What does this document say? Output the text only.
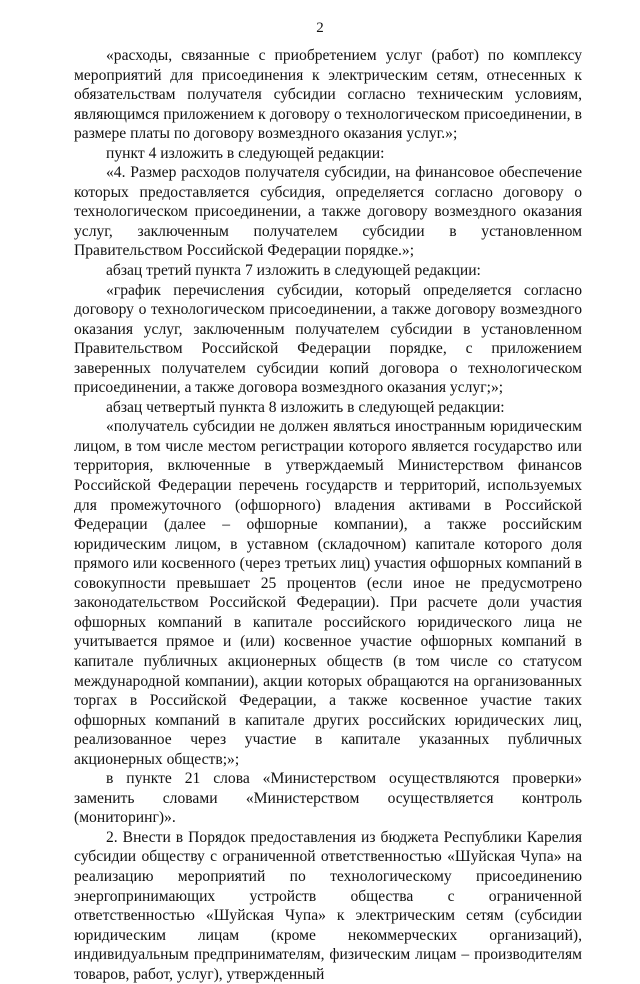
2

«расходы, связанные с приобретением услуг (работ) по комплексу мероприятий для присоединения к электрическим сетям, отнесенных к обязательствам получателя субсидии согласно техническим условиям, являющимся приложением к договору о технологическом присоединении, в размере платы по договору возмездного оказания услуг.»;

пункт 4 изложить в следующей редакции:

«4. Размер расходов получателя субсидии, на финансовое обеспечение которых предоставляется субсидия, определяется согласно договору о технологическом присоединении, а также договору возмездного оказания услуг, заключенным получателем субсидии в установленном Правительством Российской Федерации порядке.»;

абзац третий пункта 7 изложить в следующей редакции:

«график перечисления субсидии, который определяется согласно договору о технологическом присоединении, а также договору возмездного оказания услуг, заключенным получателем субсидии в установленном Правительством Российской Федерации порядке, с приложением заверенных получателем субсидии копий договора о технологическом присоединении, а также договора возмездного оказания услуг;»;

абзац четвертый пункта 8 изложить в следующей редакции:

«получатель субсидии не должен являться иностранным юридическим лицом, в том числе местом регистрации которого является государство или территория, включенные в утверждаемый Министерством финансов Российской Федерации перечень государств и территорий, используемых для промежуточного (офшорного) владения активами в Российской Федерации (далее – офшорные компании), а также российским юридическим лицом, в уставном (складочном) капитале которого доля прямого или косвенного (через третьих лиц) участия офшорных компаний в совокупности превышает 25 процентов (если иное не предусмотрено законодательством Российской Федерации). При расчете доли участия офшорных компаний в капитале российского юридического лица не учитывается прямое и (или) косвенное участие офшорных компаний в капитале публичных акционерных обществ (в том числе со статусом международной компании), акции которых обращаются на организованных торгах в Российской Федерации, а также косвенное участие таких офшорных компаний в капитале других российских юридических лиц, реализованное через участие в капитале указанных публичных акционерных обществ;»;

в пункте 21 слова «Министерством осуществляются проверки» заменить словами «Министерством осуществляется контроль (мониторинг)».

2. Внести в Порядок предоставления из бюджета Республики Карелия субсидии обществу с ограниченной ответственностью «Шуйская Чупа» на реализацию мероприятий по технологическому присоединению энергопринимающих устройств общества с ограниченной ответственностью «Шуйская Чупа» к электрическим сетям (субсидии юридическим лицам (кроме некоммерческих организаций), индивидуальным предпринимателям, физическим лицам – производителям товаров, работ, услуг), утвержденный
